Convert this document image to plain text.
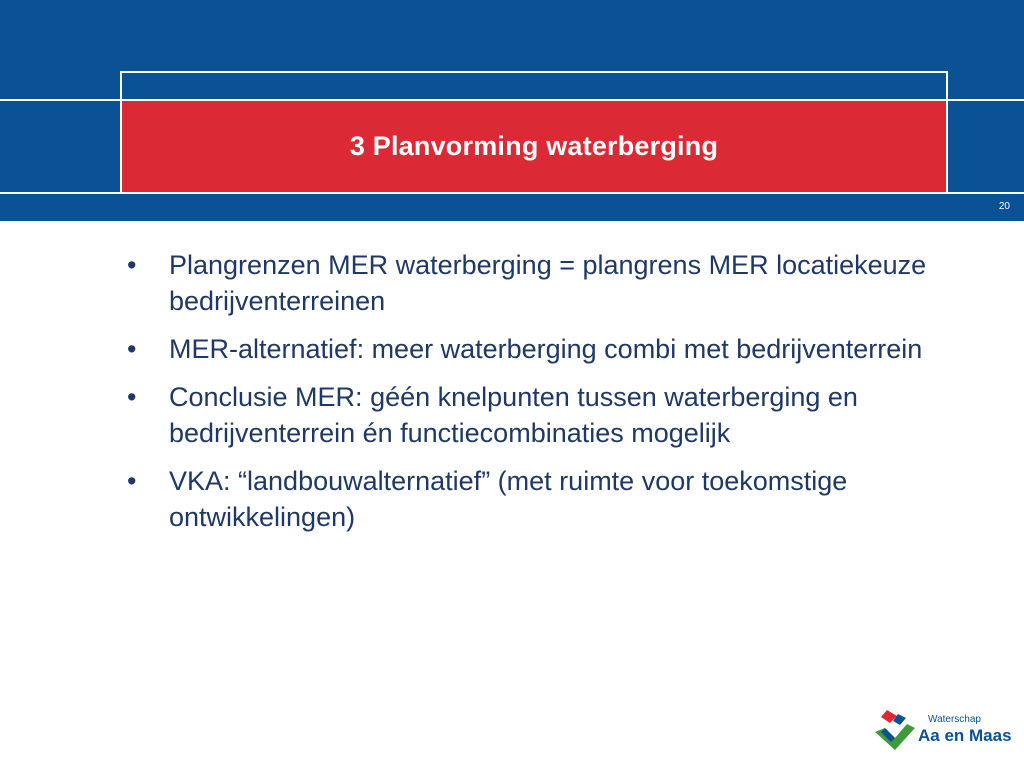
3 Planvorming waterberging
20
• Plangrenzen MER waterberging = plangrens MER locatiekeuze bedrijventerreinen
• MER-alternatief: meer waterberging combi met bedrijventerrein
• Conclusie MER: géén knelpunten tussen waterberging en bedrijventerrein én functiecombinaties mogelijk
• VKA: “landbouwalternatief” (met ruimte voor toekomstige ontwikkelingen)
Waterschap
Aa en Maas
